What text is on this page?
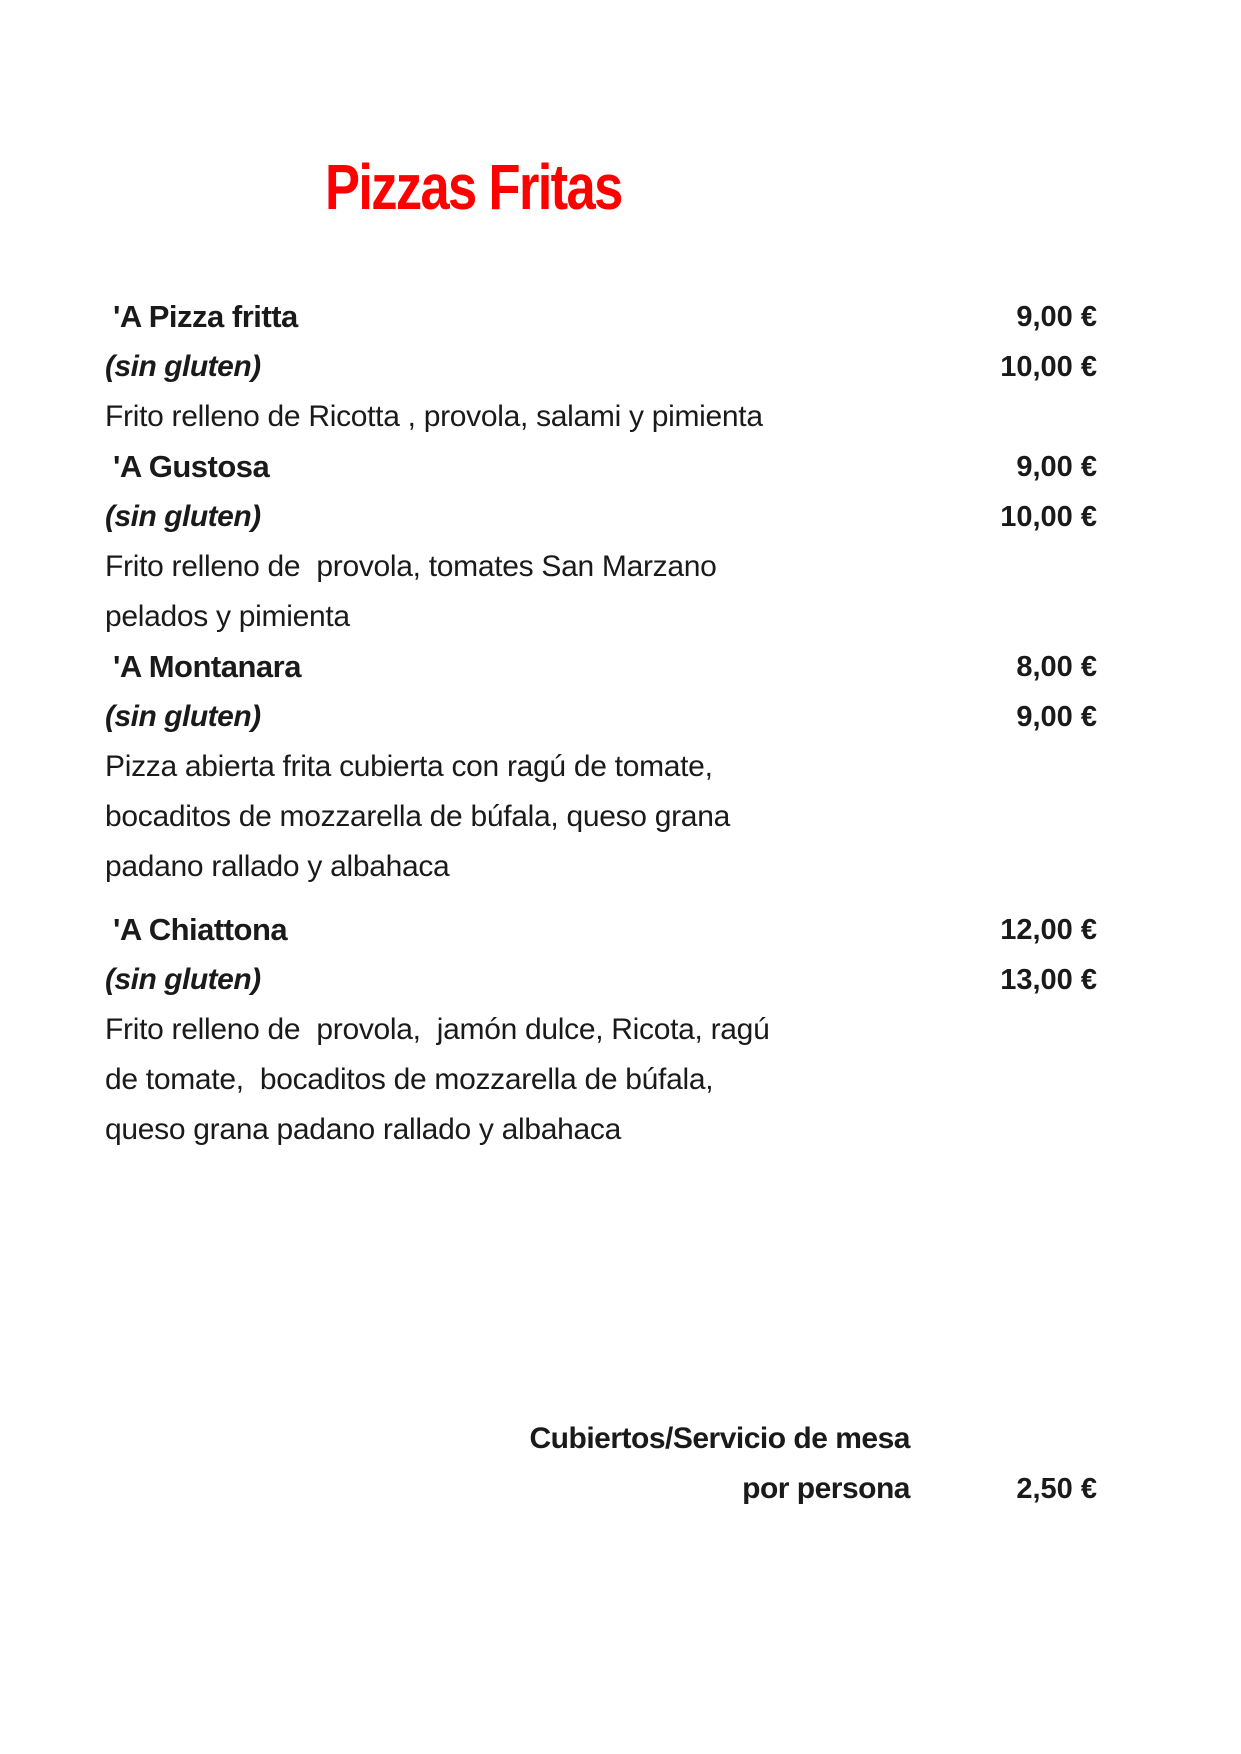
Pizzas Fritas
'A Pizza fritta	9,00 €
(sin gluten)	10,00 €
Frito relleno de Ricotta , provola, salami y pimienta
'A Gustosa	9,00 €
(sin gluten)	10,00 €
Frito relleno de  provola, tomates San Marzano
pelados y pimienta
'A Montanara	8,00 €
(sin gluten)	9,00 €
Pizza abierta frita cubierta con ragú de tomate,
bocaditos de mozzarella de búfala, queso grana
padano rallado y albahaca
'A Chiattona	12,00 €
(sin gluten)	13,00 €
Frito relleno de  provola,  jamón dulce, Ricota, ragú
de tomate,  bocaditos de mozzarella de búfala,
queso grana padano rallado y albahaca
Cubiertos/Servicio de mesa
por persona	2,50 €
